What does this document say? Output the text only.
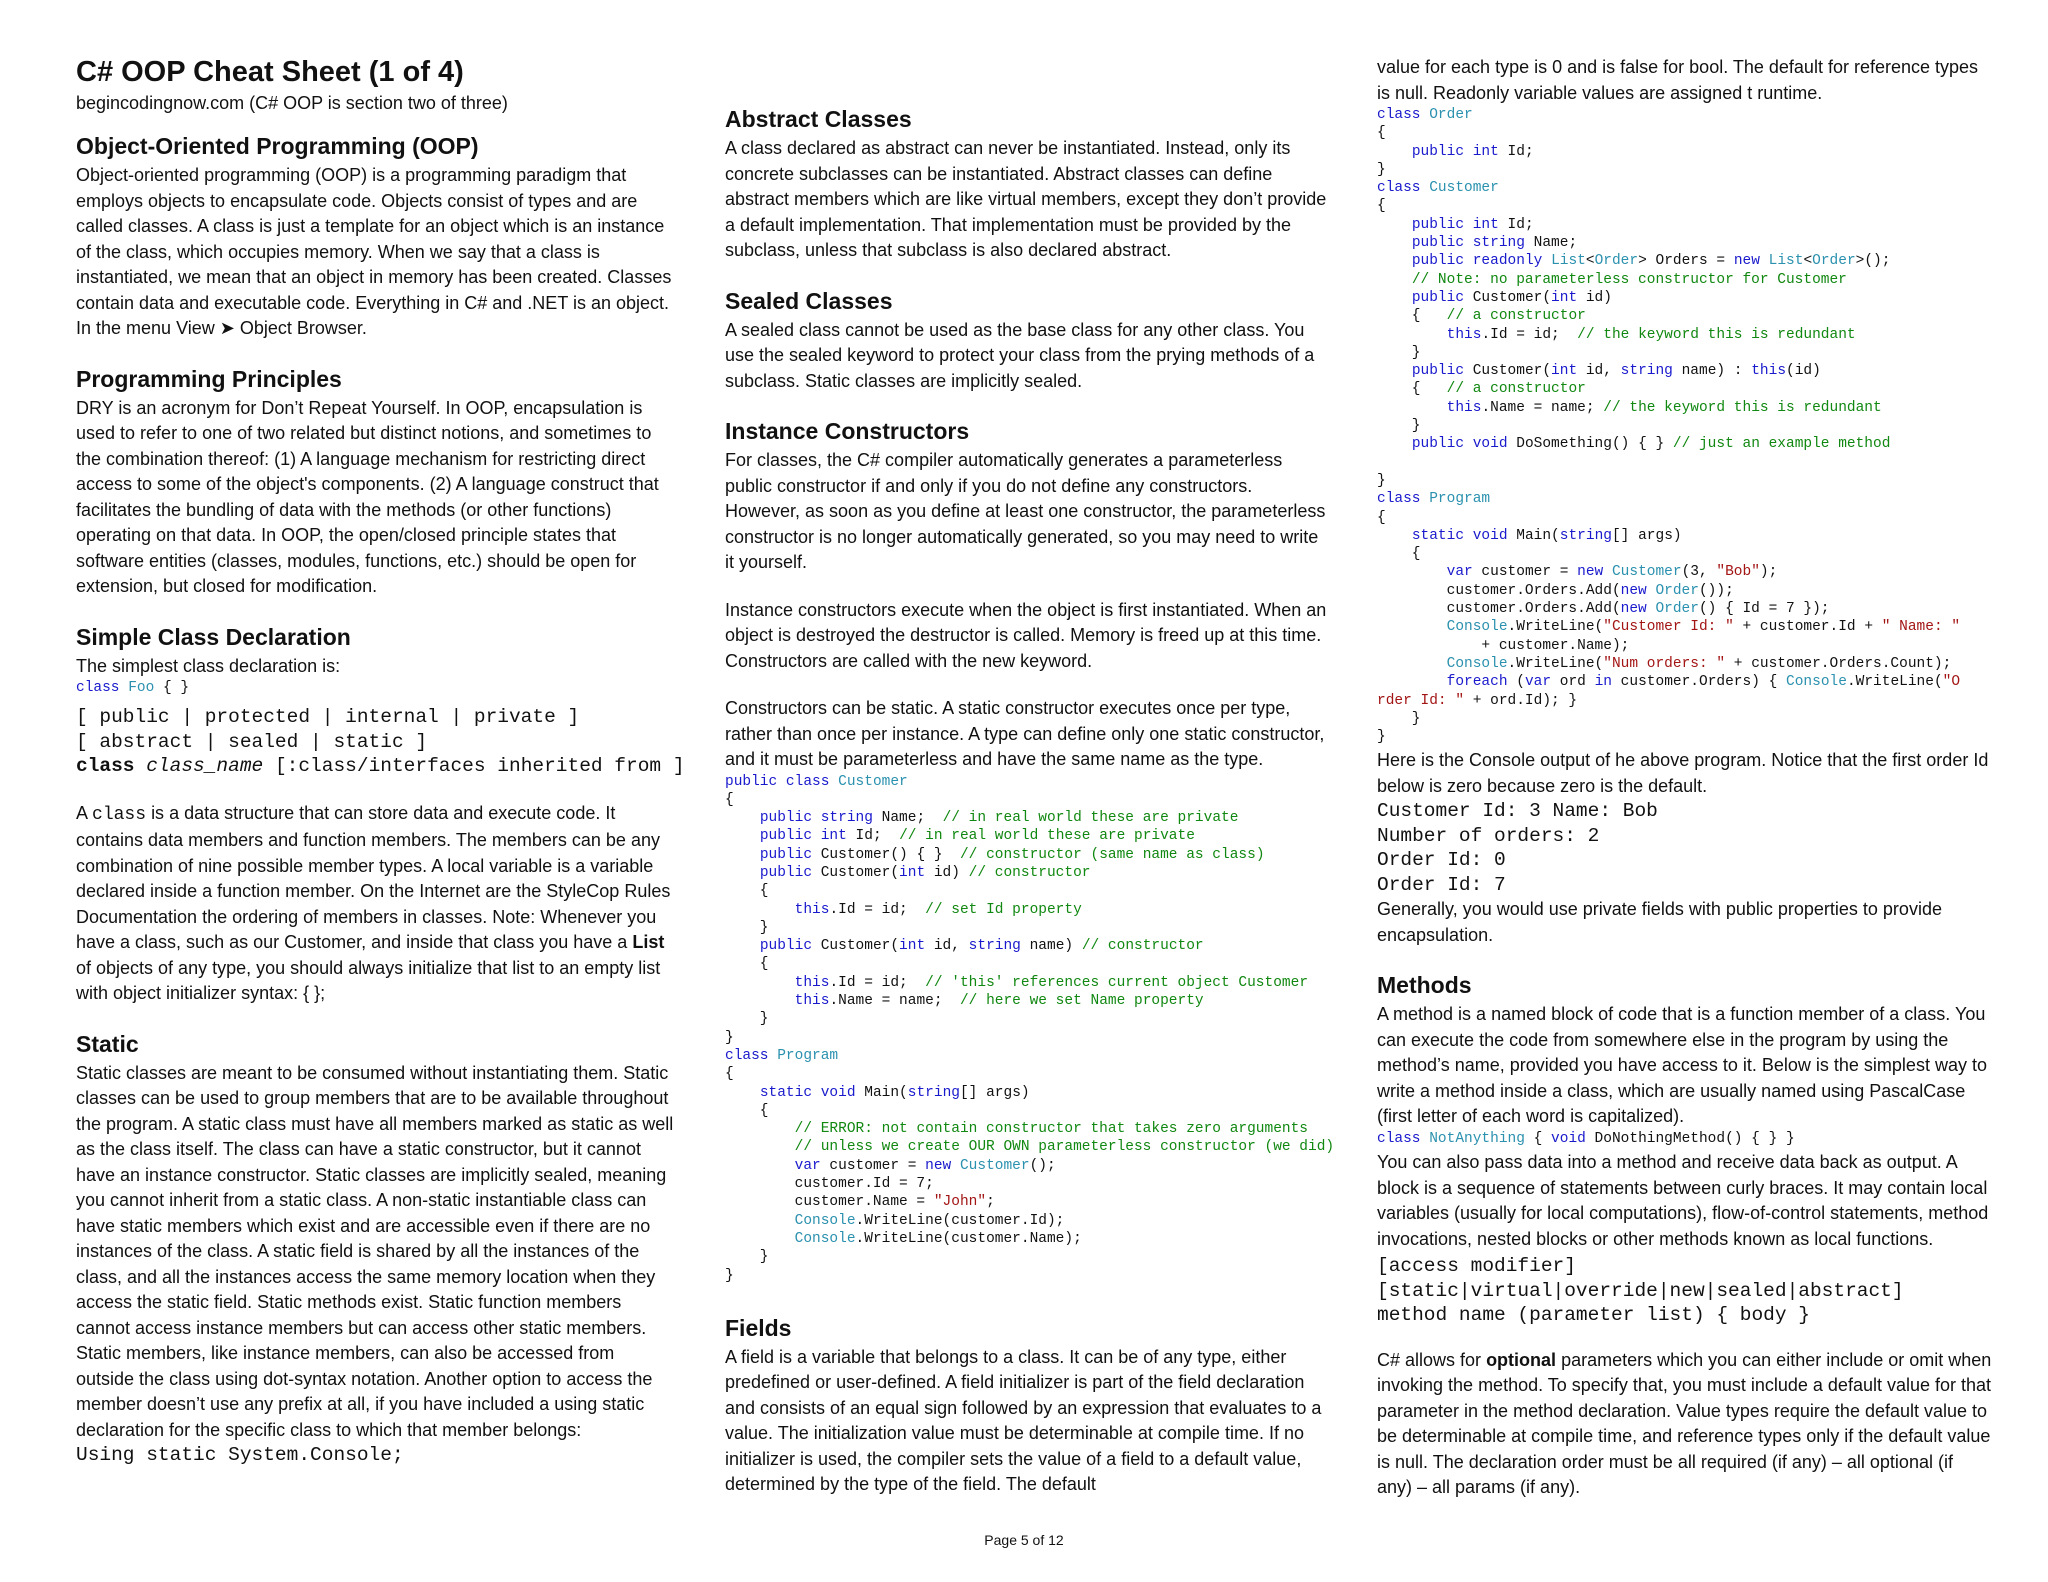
C# OOP Cheat Sheet (1 of 4)
begincodingnow.com (C# OOP is section two of three)
Object-Oriented Programming (OOP)

Object-oriented programming (OOP) is a programming paradigm that employs objects to encapsulate code. Objects consist of types and are called classes. A class is just a template for an object which is an instance of the class, which occupies memory. When we say that a class is instantiated, we mean that an object in memory has been created. Classes contain data and executable code. Everything in C# and .NET is an object. In the menu View ➤ Object Browser.

Programming Principles

DRY is an acronym for Don’t Repeat Yourself. In OOP, encapsulation is used to refer to one of two related but distinct notions, and sometimes to the combination thereof: (1) A language mechanism for restricting direct access to some of the object's components. (2) A language construct that facilitates the bundling of data with the methods (or other functions) operating on that data. In OOP, the open/closed principle states that software entities (classes, modules, functions, etc.) should be open for extension, but closed for modification.

Simple Class Declaration

The simplest class declaration is:

class Foo { }
[ public | protected | internal | private ]
[ abstract | sealed | static ]
class class_name [:class/interfaces inherited from ]

A class is a data structure that can store data and execute code. It contains data members and function members. The members can be any combination of nine possible member types. A local variable is a variable declared inside a function member. On the Internet are the StyleCop Rules Documentation the ordering of members in classes. Note: Whenever you have a class, such as our Customer, and inside that class you have a List of objects of any type, you should always initialize that list to an empty list with object initializer syntax: { };

Static

Static classes are meant to be consumed without instantiating them. Static classes can be used to group members that are to be available throughout the program. A static class must have all members marked as static as well as the class itself. The class can have a static constructor, but it cannot have an instance constructor. Static classes are implicitly sealed, meaning you cannot inherit from a static class. A non-static instantiable class can have static members which exist and are accessible even if there are no instances of the class. A static field is shared by all the instances of the class, and all the instances access the same memory location when they access the static field. Static methods exist. Static function members cannot access instance members but can access other static members. Static members, like instance members, can also be accessed from outside the class using dot-syntax notation. Another option to access the member doesn’t use any prefix at all, if you have included a using static declaration for the specific class to which that member belongs:

Using static System.Console;
Abstract Classes

A class declared as abstract can never be instantiated. Instead, only its concrete subclasses can be instantiated. Abstract classes can define abstract members which are like virtual members, except they don’t provide a default implementation. That implementation must be provided by the subclass, unless that subclass is also declared abstract.

Sealed Classes

A sealed class cannot be used as the base class for any other class. You use the sealed keyword to protect your class from the prying methods of a subclass. Static classes are implicitly sealed.

Instance Constructors

For classes, the C# compiler automatically generates a parameterless public constructor if and only if you do not define any constructors. However, as soon as you define at least one constructor, the parameterless constructor is no longer automatically generated, so you may need to write it yourself.

Instance constructors execute when the object is first instantiated. When an object is destroyed the destructor is called. Memory is freed up at this time. Constructors are called with the new keyword.

Constructors can be static. A static constructor executes once per type, rather than once per instance. A type can define only one static constructor, and it must be parameterless and have the same name as the type.

public class Customer
{
public string Name;  // in real world these are private
public int Id;  // in real world these are private
public Customer() { }  // constructor (same name as class)
public Customer(int id) // constructor
{
this.Id = id;  // set Id property
}
public Customer(int id, string name) // constructor
{
this.Id = id;  // 'this' references current object Customer
this.Name = name;  // here we set Name property
}
}
class Program
{
static void Main(string[] args)
{
// ERROR: not contain constructor that takes zero arguments
// unless we create OUR OWN parameterless constructor (we did)
var customer = new Customer();
customer.Id = 7;
customer.Name = "John";
Console.WriteLine(customer.Id);
Console.WriteLine(customer.Name);
}
}
Fields

A field is a variable that belongs to a class. It can be of any type, either predefined or user-defined. A field initializer is part of the field declaration and consists of an equal sign followed by an expression that evaluates to a value. The initialization value must be determinable at compile time. If no initializer is used, the compiler sets the value of a field to a default value, determined by the type of the field. The default

value for each type is 0 and is false for bool. The default for reference types is null. Readonly variable values are assigned t runtime.

class Order
{
public int Id;
}
class Customer
{
public int Id;
public string Name;
public readonly List<Order> Orders = new List<Order>();
// Note: no parameterless constructor for Customer
public Customer(int id)
{   // a constructor
this.Id = id;  // the keyword this is redundant
}
public Customer(int id, string name) : this(id)
{   // a constructor
this.Name = name; // the keyword this is redundant
}
public void DoSomething() { } // just an example method

}
class Program
{
static void Main(string[] args)
{
var customer = new Customer(3, "Bob");
customer.Orders.Add(new Order());
customer.Orders.Add(new Order() { Id = 7 });
Console.WriteLine("Customer Id: " + customer.Id + " Name: "
+ customer.Name);
Console.WriteLine("Num orders: " + customer.Orders.Count);
foreach (var ord in customer.Orders) { Console.WriteLine("O
rder Id: " + ord.Id); }
}
}

Here is the Console output of he above program. Notice that the first order Id below is zero because zero is the default.

Customer Id: 3 Name: Bob
Number of orders: 2
Order Id: 0
Order Id: 7

Generally, you would use private fields with public properties to provide encapsulation.

Methods

A method is a named block of code that is a function member of a class. You can execute the code from somewhere else in the program by using the method’s name, provided you have access to it. Below is the simplest way to write a method inside a class, which are usually named using PascalCase (first letter of each word is capitalized).

class NotAnything { void DoNothingMethod() { } }

You can also pass data into a method and receive data back as output. A block is a sequence of statements between curly braces. It may contain local variables (usually for local computations), flow-of-control statements, method invocations, nested blocks or other methods known as local functions.

[access modifier]
[static|virtual|override|new|sealed|abstract]
method name (parameter list) { body }

C# allows for optional parameters which you can either include or omit when invoking the method. To specify that, you must include a default value for that parameter in the method declaration. Value types require the default value to be determinable at compile time, and reference types only if the default value is null. The declaration order must be all required (if any) – all optional (if any) – all params (if any).

Page 5 of 12
